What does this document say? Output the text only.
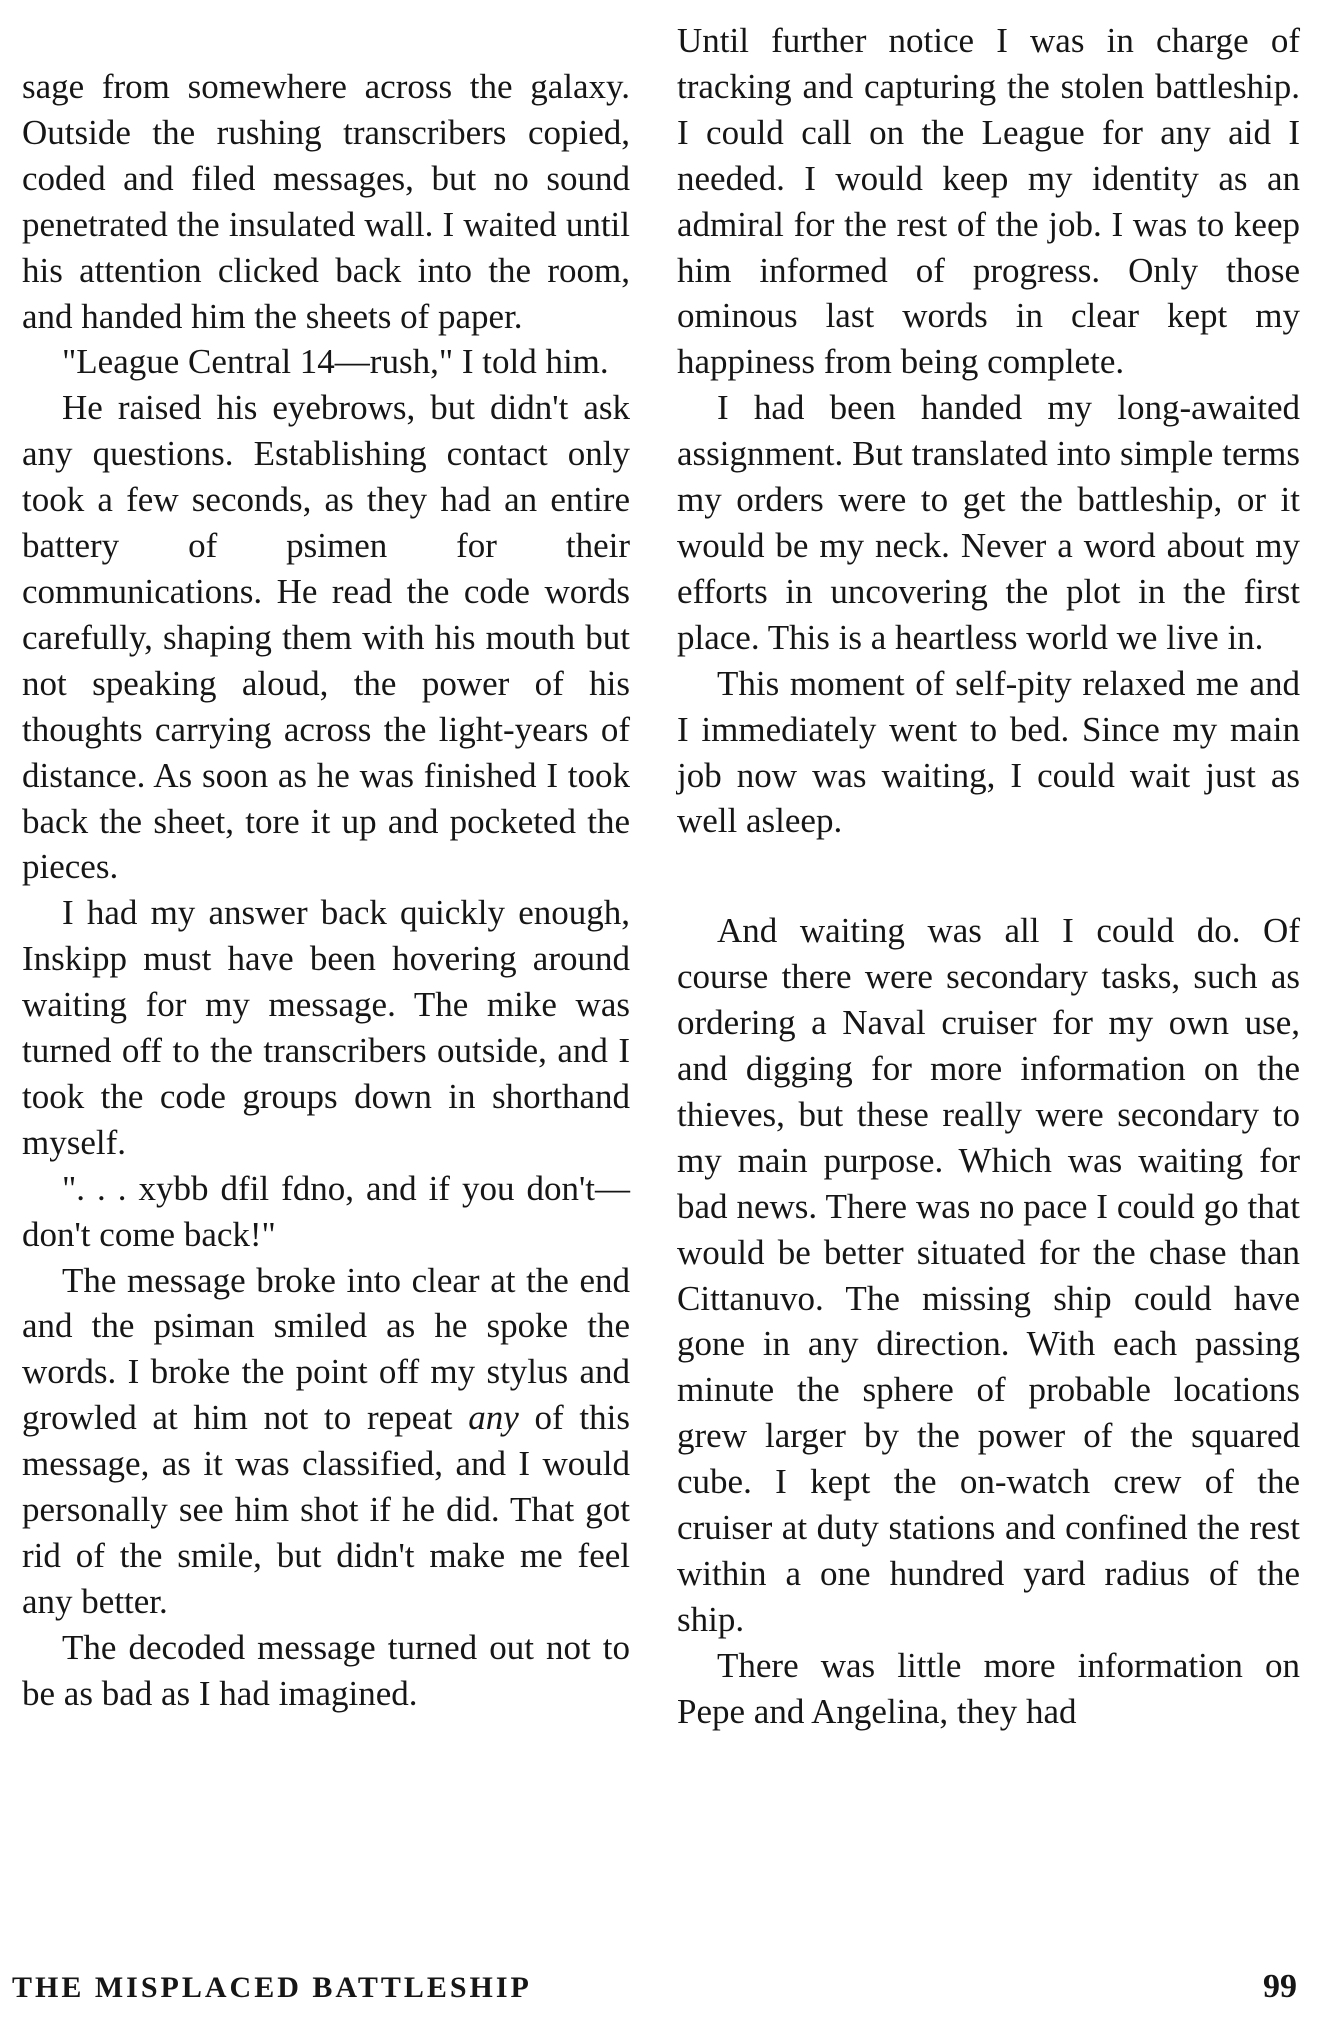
sage from somewhere across the galaxy. Outside the rushing transcribers copied, coded and filed messages, but no sound penetrated the insulated wall. I waited until his attention clicked back into the room, and handed him the sheets of paper.

"League Central 14—rush," I told him.

He raised his eyebrows, but didn't ask any questions. Establishing contact only took a few seconds, as they had an entire battery of psimen for their communications. He read the code words carefully, shaping them with his mouth but not speaking aloud, the power of his thoughts carrying across the light-years of distance. As soon as he was finished I took back the sheet, tore it up and pocketed the pieces.

I had my answer back quickly enough, Inskipp must have been hovering around waiting for my message. The mike was turned off to the transcribers outside, and I took the code groups down in shorthand myself.

". . . xybb dfil fdno, and if you don't—don't come back!"

The message broke into clear at the end and the psiman smiled as he spoke the words. I broke the point off my stylus and growled at him not to repeat any of this message, as it was classified, and I would personally see him shot if he did. That got rid of the smile, but didn't make me feel any better.

The decoded message turned out not to be as bad as I had imagined.

Until further notice I was in charge of tracking and capturing the stolen battleship. I could call on the League for any aid I needed. I would keep my identity as an admiral for the rest of the job. I was to keep him informed of progress. Only those ominous last words in clear kept my happiness from being complete.

I had been handed my long-awaited assignment. But translated into simple terms my orders were to get the battleship, or it would be my neck. Never a word about my efforts in uncovering the plot in the first place. This is a heartless world we live in.

This moment of self-pity relaxed me and I immediately went to bed. Since my main job now was waiting, I could wait just as well asleep.

And waiting was all I could do. Of course there were secondary tasks, such as ordering a Naval cruiser for my own use, and digging for more information on the thieves, but these really were secondary to my main purpose. Which was waiting for bad news. There was no pace I could go that would be better situated for the chase than Cittanuvo. The missing ship could have gone in any direction. With each passing minute the sphere of probable locations grew larger by the power of the squared cube. I kept the on-watch crew of the cruiser at duty stations and confined the rest within a one hundred yard radius of the ship.

There was little more information on Pepe and Angelina, they had

THE MISPLACED BATTLESHIP	99
